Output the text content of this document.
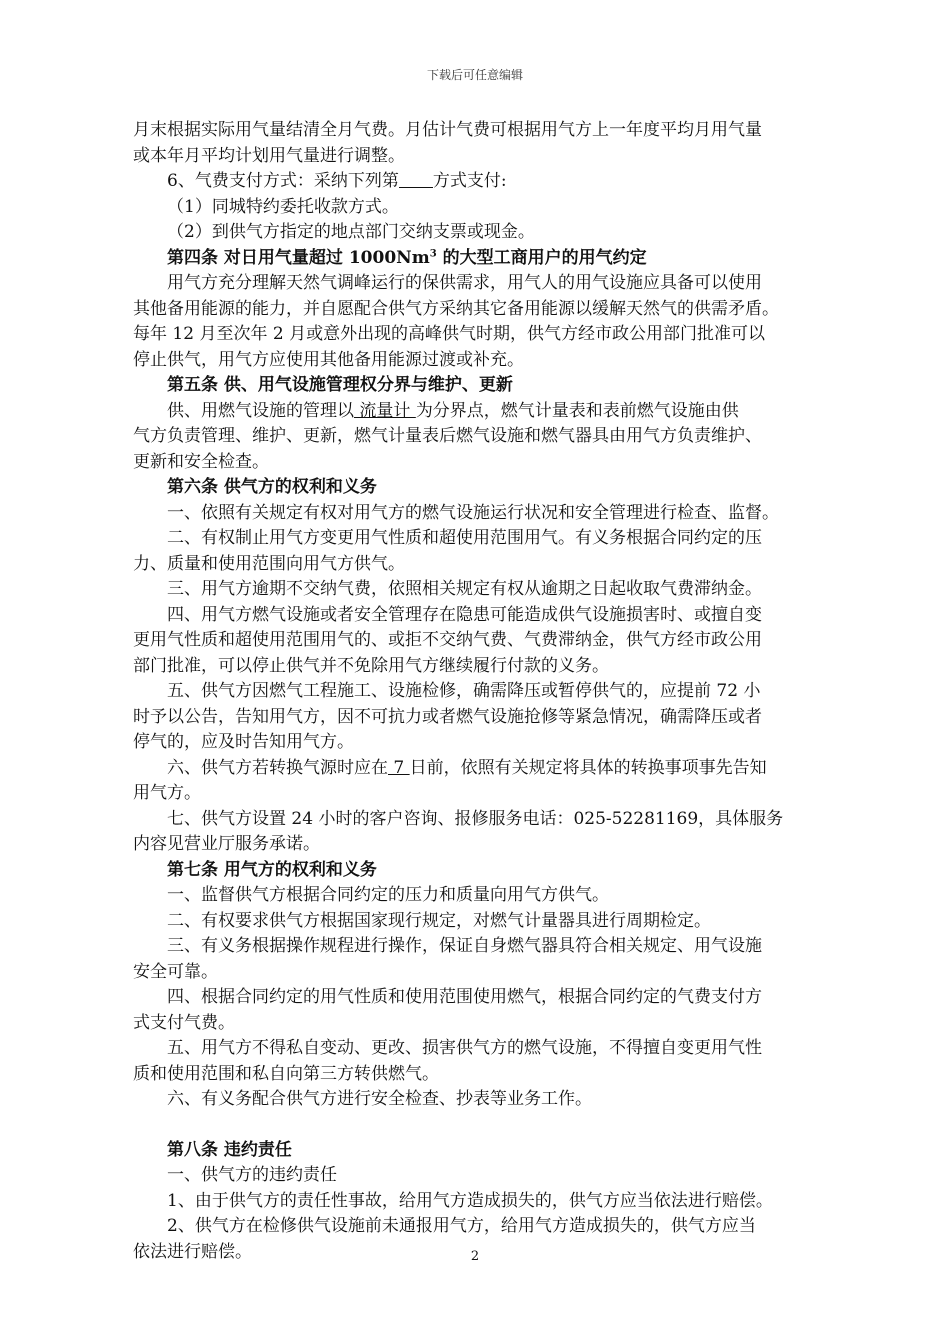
下载后可任意编辑

月末根据实际用气量结清全月气费。月估计气费可根据用气方上一年度平均月用气量

或本年月平均计划用气量进行调整。

6、气费支付方式：采纳下列第 方式支付:

（1）同城特约委托收款方式。

（2）到供气方指定的地点部门交纳支票或现金。

第四条 对日用气量超过 1000Nm$^3$ 的大型工商用户的用气约定

用气方充分理解天然气调峰运行的保供需求，用气人的用气设施应具备可以使用

其他备用能源的能力，并自愿配合供气方采纳其它备用能源以缓解天然气的供需矛盾。

每年 12 月至次年 2 月或意外出现的高峰供气时期，供气方经市政公用部门批准可以

停止供气，用气方应使用其他备用能源过渡或补充。

第五条 供、用气设施管理权分界与维护、更新

供、用燃气设施的管理以 流量计 为分界点，燃气计量表和表前燃气设施由供

气方负责管理、维护、更新，燃气计量表后燃气设施和燃气器具由用气方负责维护、

更新和安全检查。

第六条 供气方的权利和义务

一、依照有关规定有权对用气方的燃气设施运行状况和安全管理进行检查、监督。

二、有权制止用气方变更用气性质和超使用范围用气。有义务根据合同约定的压

力、质量和使用范围向用气方供气。

三、用气方逾期不交纳气费，依照相关规定有权从逾期之日起收取气费滞纳金。

四、用气方燃气设施或者安全管理存在隐患可能造成供气设施损害时、或擅自变

更用气性质和超使用范围用气的、或拒不交纳气费、气费滞纳金，供气方经市政公用

部门批准，可以停止供气并不免除用气方继续履行付款的义务。

五、供气方因燃气工程施工、设施检修，确需降压或暂停供气的，应提前 72 小

时予以公告，告知用气方，因不可抗力或者燃气设施抢修等紧急情况，确需降压或者

停气的，应及时告知用气方。

六、供气方若转换气源时应在 7 日前，依照有关规定将具体的转换事项事先告知

用气方。

七、供气方设置 24 小时的客户咨询、报修服务电话：025-52281169，具体服务

内容见营业厅服务承诺。

第七条 用气方的权利和义务

一、监督供气方根据合同约定的压力和质量向用气方供气。

二、有权要求供气方根据国家现行规定，对燃气计量器具进行周期检定。

三、有义务根据操作规程进行操作，保证自身燃气器具符合相关规定、用气设施

安全可靠。

四、根据合同约定的用气性质和使用范围使用燃气，根据合同约定的气费支付方

式支付气费。

五、用气方不得私自变动、更改、损害供气方的燃气设施，不得擅自变更用气性

质和使用范围和私自向第三方转供燃气。

六、有义务配合供气方进行安全检查、抄表等业务工作。

第八条 违约责任

一、供气方的违约责任

1、由于供气方的责任性事故，给用气方造成损失的，供气方应当依法进行赔偿。

2、供气方在检修供气设施前未通报用气方，给用气方造成损失的，供气方应当

依法进行赔偿。	2
